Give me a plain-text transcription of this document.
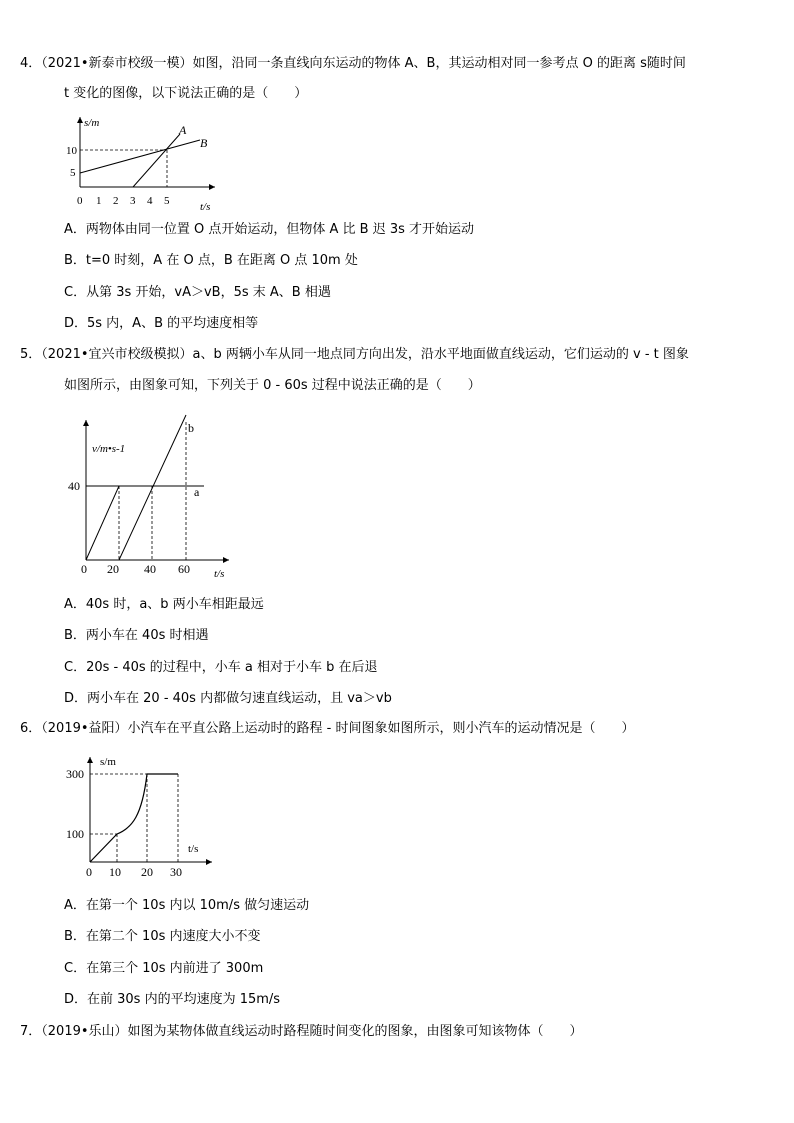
4．（2021•新泰市校级一模）如图，沿同一条直线向东运动的物体 A、B，其运动相对同一参考点 O 的距离 s随时间
t 变化的图像，以下说法正确的是（　　）
s/m
t/s
10
5
0 1 2 3 4 5
A
B
A．两物体由同一位置 O 点开始运动，但物体 A 比 B 迟 3s 才开始运动
B．t=0 时刻，A 在 O 点，B 在距离 O 点 10m 处
C．从第 3s 开始，vA＞vB，5s 末 A、B 相遇
D．5s 内，A、B 的平均速度相等
5．（2021•宜兴市校级模拟）a、b 两辆小车从同一地点同方向出发，沿水平地面做直线运动，它们运动的 v - t 图象
如图所示，由图象可知，下列关于 0 - 60s 过程中说法正确的是（　　）
v/m•s-1
t/s
40
0 20 40 60
b
a
A．40s 时，a、b 两小车相距最远
B．两小车在 40s 时相遇
C．20s - 40s 的过程中，小车 a 相对于小车 b 在后退
D．两小车在 20 - 40s 内都做匀速直线运动，且 va＞vb
6．（2019•益阳）小汽车在平直公路上运动时的路程 - 时间图象如图所示，则小汽车的运动情况是（　　）
s/m
t/s
300
100
0 10 20 30
A．在第一个 10s 内以 10m/s 做匀速运动
B．在第二个 10s 内速度大小不变
C．在第三个 10s 内前进了 300m
D．在前 30s 内的平均速度为 15m/s
7．（2019•乐山）如图为某物体做直线运动时路程随时间变化的图象，由图象可知该物体（　　）
